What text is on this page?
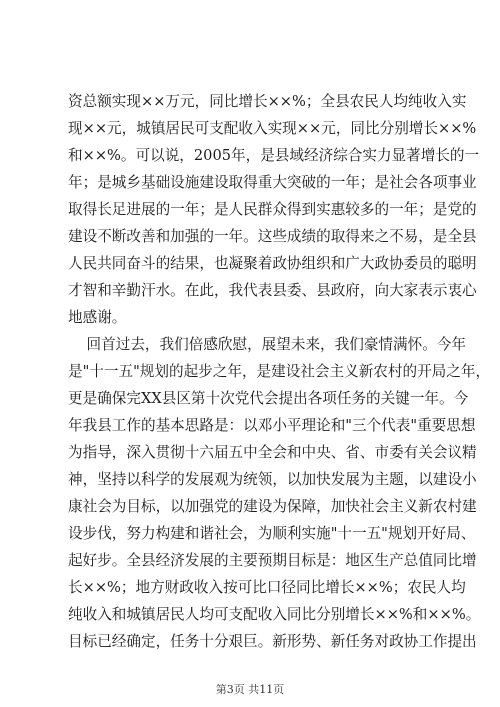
资总额实现××万元，同比增长××%；全县农民人均纯收入实
现××元，城镇居民可支配收入实现××元，同比分别增长××%
和××%。可以说，2005年，是县域经济综合实力显著增长的一
年；是城乡基础设施建设取得重大突破的一年；是社会各项事业
取得长足进展的一年；是人民群众得到实惠较多的一年；是党的
建设不断改善和加强的一年。这些成绩的取得来之不易，是全县
人民共同奋斗的结果，也凝聚着政协组织和广大政协委员的聪明
才智和辛勤汗水。在此，我代表县委、县政府，向大家表示衷心
地感谢。
回首过去，我们倍感欣慰，展望未来，我们豪情满怀。今年
是"十一五"规划的起步之年，是建设社会主义新农村的开局之年，
更是确保完XX县区第十次党代会提出各项任务的关键一年。今
年我县工作的基本思路是：以邓小平理论和"三个代表"重要思想
为指导，深入贯彻十六届五中全会和中央、省、市委有关会议精
神，坚持以科学的发展观为统领，以加快发展为主题，以建设小
康社会为目标，以加强党的建设为保障，加快社会主义新农村建
设步伐，努力构建和谐社会，为顺利实施"十一五"规划开好局、
起好步。全县经济发展的主要预期目标是：地区生产总值同比增
长××%；地方财政收入按可比口径同比增长××%；农民人均
纯收入和城镇居民人均可支配收入同比分别增长××%和××%。
目标已经确定，任务十分艰巨。新形势、新任务对政协工作提出
第3页 共11页
